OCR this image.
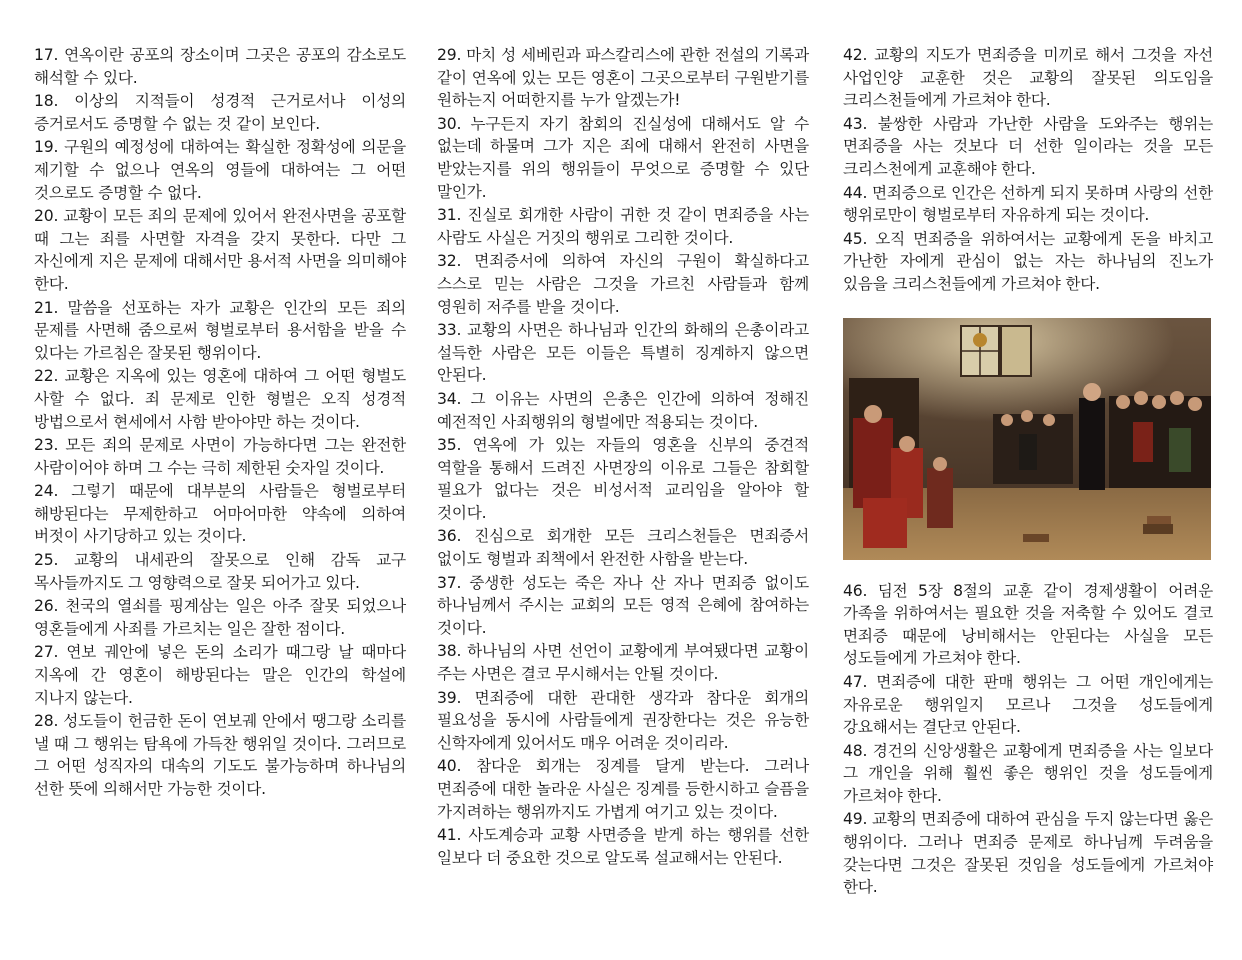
17. 연옥이란 공포의 장소이며 그곳은 공포의 감소로도 해석할 수 있다.

18. 이상의 지적들이 성경적 근거로서나 이성의 증거로서도 증명할 수 없는 것 같이 보인다.

19. 구원의 예정성에 대하여는 확실한 정확성에 의문을 제기할 수 없으나 연옥의 영들에 대하여는 그 어떤 것으로도 증명할 수 없다.

20. 교황이 모든 죄의 문제에 있어서 완전사면을 공포할 때 그는 죄를 사면할 자격을 갖지 못한다. 다만 그 자신에게 지은 문제에 대해서만 용서적 사면을 의미해야 한다.

21. 말씀을 선포하는 자가 교황은 인간의 모든 죄의 문제를 사면해 줌으로써 형벌로부터 용서함을 받을 수 있다는 가르침은 잘못된 행위이다.

22. 교황은 지옥에 있는 영혼에 대하여 그 어떤 형벌도 사할 수 없다. 죄 문제로 인한 형벌은 오직 성경적 방법으로서 현세에서 사함 받아야만 하는 것이다.

23. 모든 죄의 문제로 사면이 가능하다면 그는 완전한 사람이어야 하며 그 수는 극히 제한된 숫자일 것이다.

24. 그렇기 때문에 대부분의 사람들은 형벌로부터 해방된다는 무제한하고 어마어마한 약속에 의하여 버젓이 사기당하고 있는 것이다.

25. 교황의 내세관의 잘못으로 인해 감독 교구 목사들까지도 그 영향력으로 잘못 되어가고 있다.

26. 천국의 열쇠를 핑계삼는 일은 아주 잘못 되었으나 영혼들에게 사죄를 가르치는 일은 잘한 점이다.

27. 연보 궤안에 넣은 돈의 소리가 때그랑 날 때마다 지옥에 간 영혼이 해방된다는 말은 인간의 학설에 지나지 않는다.

28. 성도들이 헌금한 돈이 연보궤 안에서 땡그랑 소리를 낼 때 그 행위는 탐욕에 가득찬 행위일 것이다. 그러므로 그 어떤 성직자의 대속의 기도도 불가능하며 하나님의 선한 뜻에 의해서만 가능한 것이다.

29. 마치 성 세베린과 파스칼리스에 관한 전설의 기록과 같이 연옥에 있는 모든 영혼이 그곳으로부터 구원받기를 원하는지 어떠한지를 누가 알겠는가!

30. 누구든지 자기 참회의 진실성에 대해서도 알 수 없는데 하물며 그가 지은 죄에 대해서 완전히 사면을 받았는지를 위의 행위들이 무엇으로 증명할 수 있단 말인가.

31. 진실로 회개한 사람이 귀한 것 같이 면죄증을 사는 사람도 사실은 거짓의 행위로 그리한 것이다.

32. 면죄증서에 의하여 자신의 구원이 확실하다고 스스로 믿는 사람은 그것을 가르친 사람들과 함께 영원히 저주를 받을 것이다.

33. 교황의 사면은 하나님과 인간의 화해의 은총이라고 설득한 사람은 모든 이들은 특별히 징계하지 않으면 안된다.

34. 그 이유는 사면의 은총은 인간에 의하여 정해진 예전적인 사죄행위의 형벌에만 적용되는 것이다.

35. 연옥에 가 있는 자들의 영혼을 신부의 중견적 역할을 통해서 드려진 사면장의 이유로 그들은 참회할 필요가 없다는 것은 비성서적 교리임을 알아야 할 것이다.

36. 진심으로 회개한 모든 크리스천들은 면죄증서 없이도 형벌과 죄책에서 완전한 사함을 받는다.

37. 중생한 성도는 죽은 자나 산 자나 면죄증 없이도 하나님께서 주시는 교회의 모든 영적 은혜에 참여하는 것이다.

38. 하나님의 사면 선언이 교황에게 부여됐다면 교황이 주는 사면은 결코 무시해서는 안될 것이다.

39. 면죄증에 대한 관대한 생각과 참다운 회개의 필요성을 동시에 사람들에게 권장한다는 것은 유능한 신학자에게 있어서도 매우 어려운 것이리라.

40. 참다운 회개는 징계를 달게 받는다. 그러나 면죄증에 대한 놀라운 사실은 징계를 등한시하고 슬픔을 가지려하는 행위까지도 가볍게 여기고 있는 것이다.

41. 사도계승과 교황 사면증을 받게 하는 행위를 선한 일보다 더 중요한 것으로 알도록 설교해서는 안된다.

42. 교황의 지도가 면죄증을 미끼로 해서 그것을 자선 사업인양 교훈한 것은 교황의 잘못된 의도임을 크리스천들에게 가르쳐야 한다.

43. 불쌍한 사람과 가난한 사람을 도와주는 행위는 면죄증을 사는 것보다 더 선한 일이라는 것을 모든 크리스천에게 교훈해야 한다.

44. 면죄증으로 인간은 선하게 되지 못하며 사랑의 선한 행위로만이 형벌로부터 자유하게 되는 것이다.

45. 오직 면죄증을 위하여서는 교황에게 돈을 바치고 가난한 자에게 관심이 없는 자는 하나님의 진노가 있음을 크리스천들에게 가르쳐야 한다.

46. 딤전 5장 8절의 교훈 같이 경제생활이 어려운 가족을 위하여서는 필요한 것을 저축할 수 있어도 결코 면죄증 때문에 낭비해서는 안된다는 사실을 모든 성도들에게 가르쳐야 한다.

47. 면죄증에 대한 판매 행위는 그 어떤 개인에게는 자유로운 행위일지 모르나 그것을 성도들에게 강요해서는 결단코 안된다.

48. 경건의 신앙생활은 교황에게 면죄증을 사는 일보다 그 개인을 위해 훨씬 좋은 행위인 것을 성도들에게 가르쳐야 한다.

49. 교황의 면죄증에 대하여 관심을 두지 않는다면 옳은 행위이다. 그러나 면죄증 문제로 하나님께 두려움을 갖는다면 그것은 잘못된 것임을 성도들에게 가르쳐야 한다.
